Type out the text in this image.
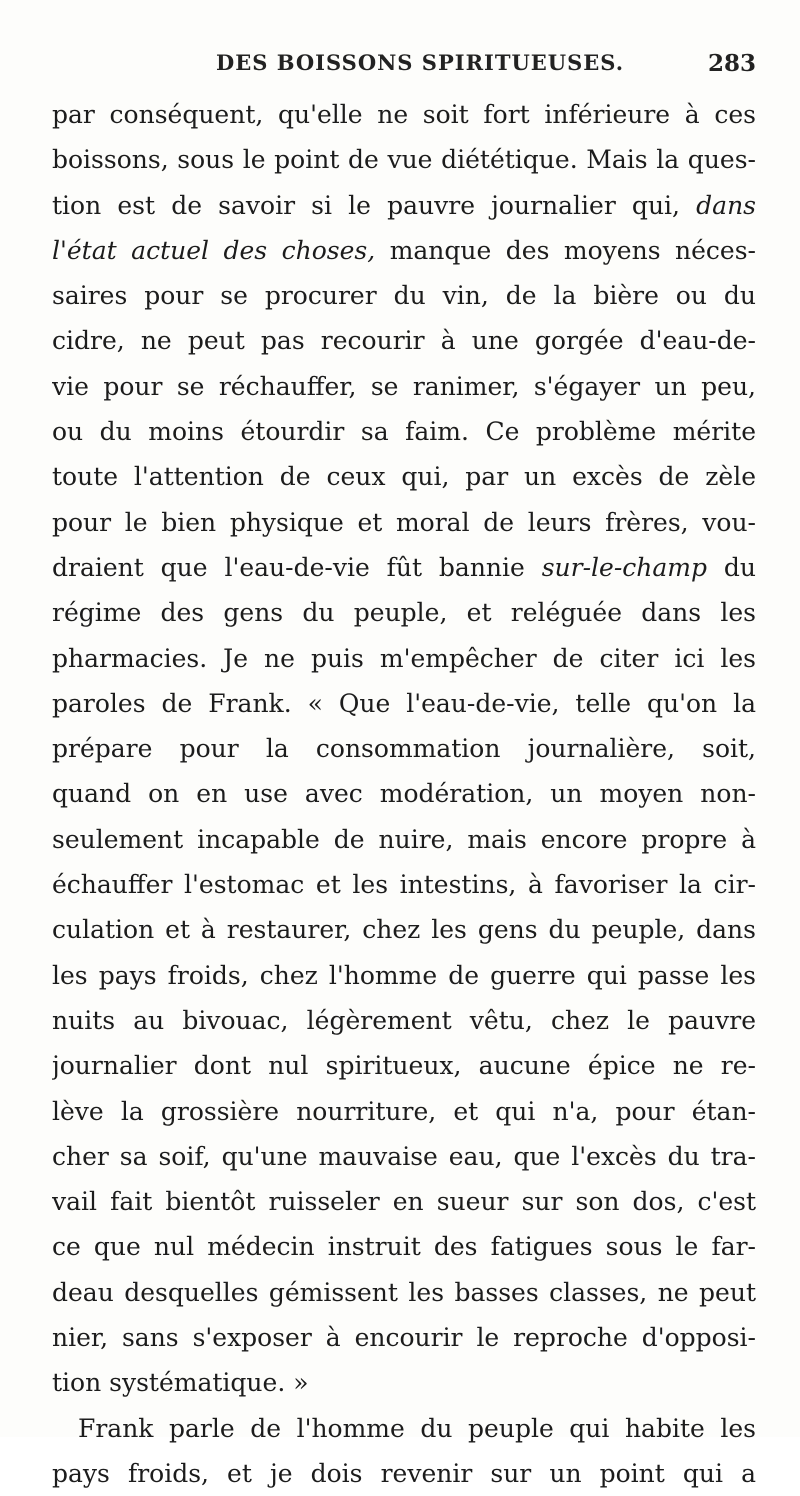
DES BOISSONS SPIRITUEUSES.	283
par conséquent, qu'elle ne soit fort inférieure à ces
boissons, sous le point de vue diététique. Mais la ques-
tion est de savoir si le pauvre journalier qui, dans
l'état actuel des choses, manque des moyens néces-
saires pour se procurer du vin, de la bière ou du
cidre, ne peut pas recourir à une gorgée d'eau-de-
vie pour se réchauffer, se ranimer, s'égayer un peu,
ou du moins étourdir sa faim. Ce problème mérite
toute l'attention de ceux qui, par un excès de zèle
pour le bien physique et moral de leurs frères, vou-
draient que l'eau-de-vie fût bannie sur-le-champ du
régime des gens du peuple, et reléguée dans les
pharmacies. Je ne puis m'empêcher de citer ici les
paroles de Frank. « Que l'eau-de-vie, telle qu'on la
prépare pour la consommation journalière, soit,
quand on en use avec modération, un moyen non-
seulement incapable de nuire, mais encore propre à
échauffer l'estomac et les intestins, à favoriser la cir-
culation et à restaurer, chez les gens du peuple, dans
les pays froids, chez l'homme de guerre qui passe les
nuits au bivouac, légèrement vêtu, chez le pauvre
journalier dont nul spiritueux, aucune épice ne re-
lève la grossière nourriture, et qui n'a, pour étan-
cher sa soif, qu'une mauvaise eau, que l'excès du tra-
vail fait bientôt ruisseler en sueur sur son dos, c'est
ce que nul médecin instruit des fatigues sous le far-
deau desquelles gémissent les basses classes, ne peut
nier, sans s'exposer à encourir le reproche d'opposi-
tion systématique. »
Frank parle de l'homme du peuple qui habite les
pays froids, et je dois revenir sur un point qui a
